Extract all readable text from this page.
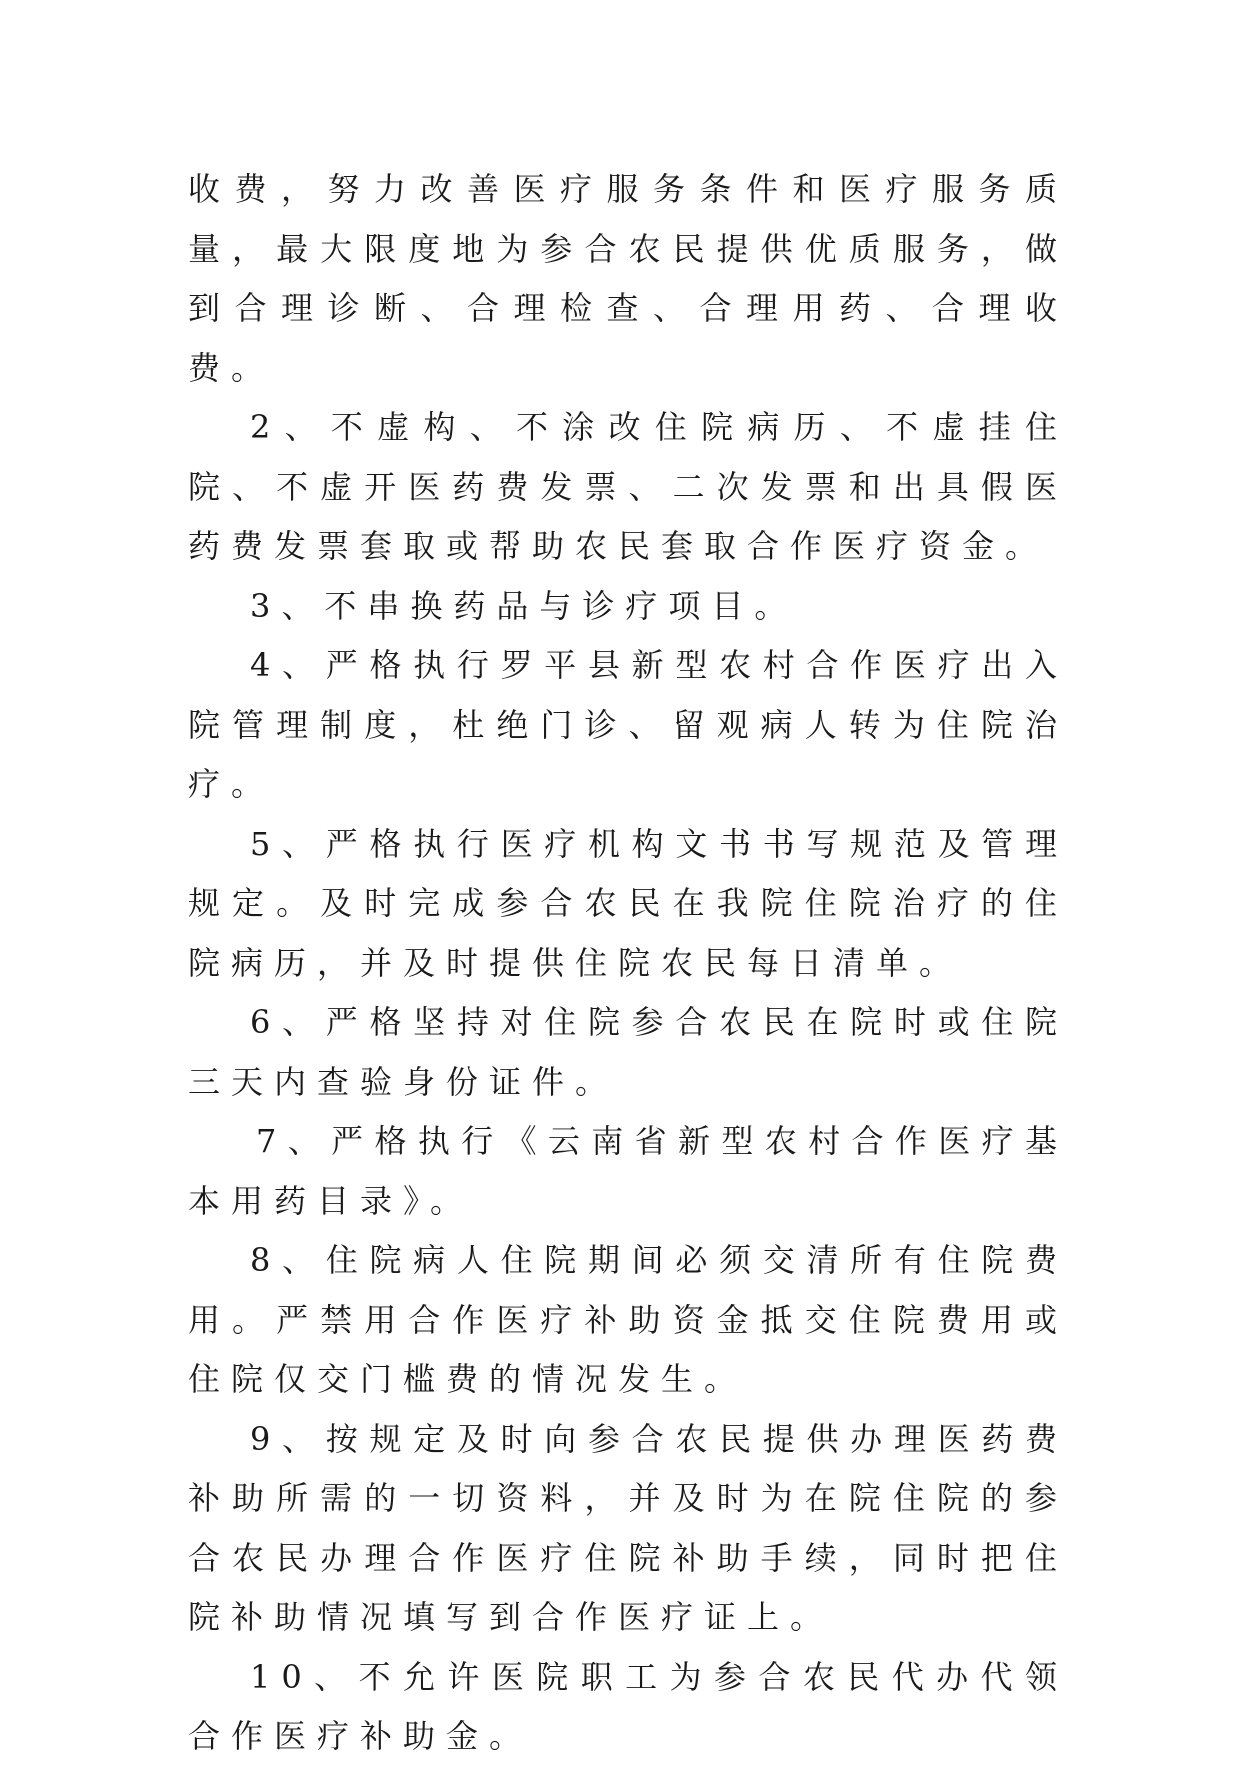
收费，努力改善医疗服务条件和医疗服务质量，最大限度地为参合农民提供优质服务，做到合理诊断、合理检查、合理用药、合理收费。

2、不虚构、不涂改住院病历、不虚挂住院、不虚开医药费发票、二次发票和出具假医药费发票套取或帮助农民套取合作医疗资金。

3、不串换药品与诊疗项目。

4、严格执行罗平县新型农村合作医疗出入院管理制度，杜绝门诊、留观病人转为住院治疗。

5、严格执行医疗机构文书书写规范及管理规定。及时完成参合农民在我院住院治疗的住院病历，并及时提供住院农民每日清单。

6、严格坚持对住院参合农民在院时或住院三天内查验身份证件。

7、严格执行《云南省新型农村合作医疗基本用药目录》。

8、住院病人住院期间必须交清所有住院费用。严禁用合作医疗补助资金抵交住院费用或住院仅交门槛费的情况发生。

9、按规定及时向参合农民提供办理医药费补助所需的一切资料，并及时为在院住院的参合农民办理合作医疗住院补助手续，同时把住院补助情况填写到合作医疗证上。

10、不允许医院职工为参合农民代办代领合作医疗补助金。
